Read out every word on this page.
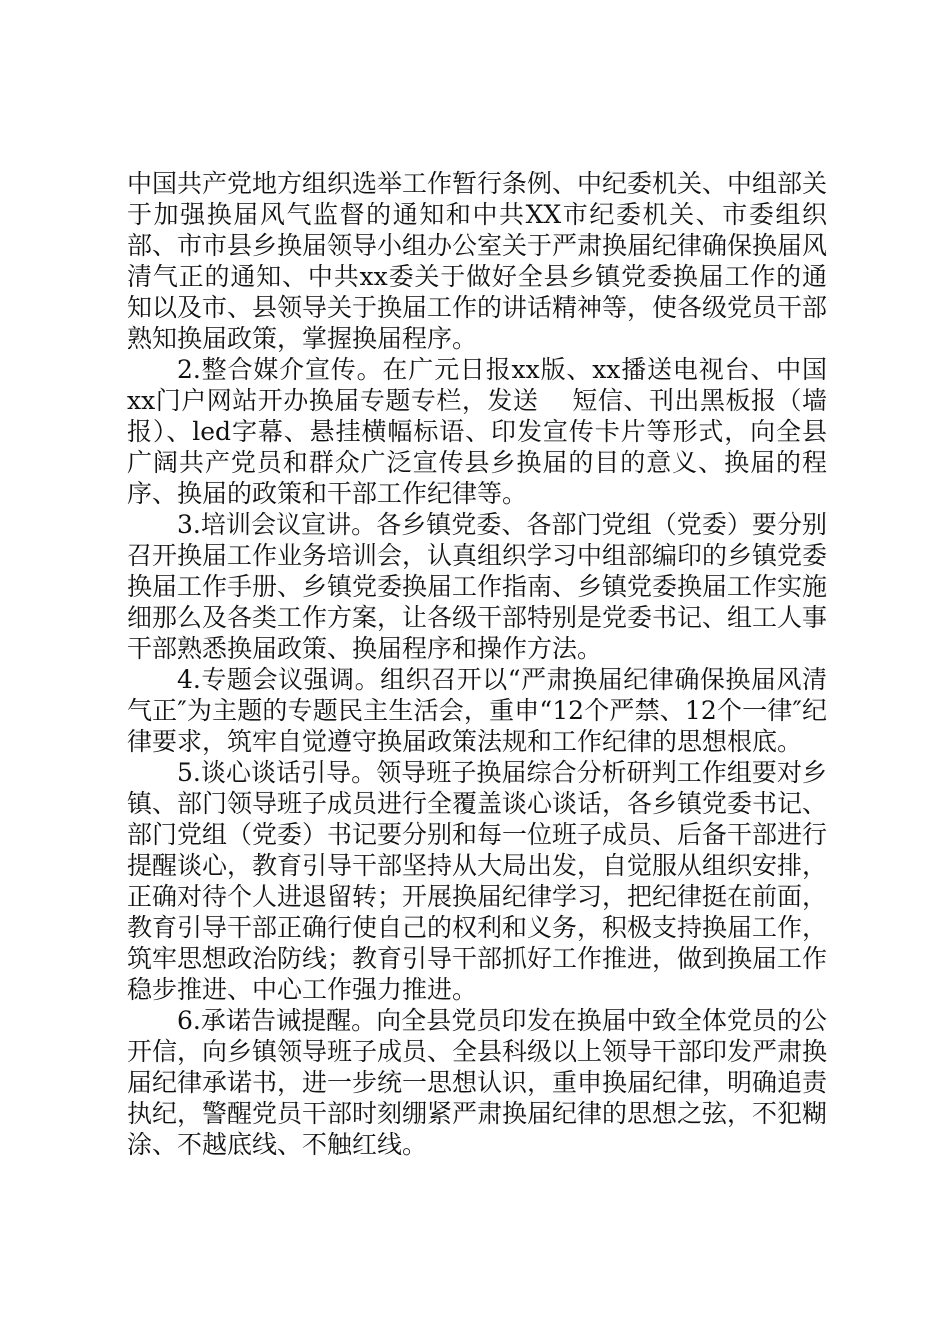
中国共产党地方组织选举工作暂行条例、中纪委机关、中组部关于加强换届风气监督的通知和中共XX市纪委机关、市委组织部、市市县乡换届领导小组办公室关于严肃换届纪律确保换届风清气正的通知、中共xx委关于做好全县乡镇党委换届工作的通知以及市、县领导关于换届工作的讲话精神等，使各级党员干部熟知换届政策，掌握换届程序。

2.整合媒介宣传。在广元日报xx版、xx播送电视台、中国xx门户网站开办换届专题专栏，发送　 短信、刊出黑板报（墙报）、led字幕、悬挂横幅标语、印发宣传卡片等形式，向全县广阔共产党员和群众广泛宣传县乡换届的目的意义、换届的程序、换届的政策和干部工作纪律等。

3.培训会议宣讲。各乡镇党委、各部门党组（党委）要分别召开换届工作业务培训会，认真组织学习中组部编印的乡镇党委换届工作手册、乡镇党委换届工作指南、乡镇党委换届工作实施细那么及各类工作方案，让各级干部特别是党委书记、组工人事干部熟悉换届政策、换届程序和操作方法。

4.专题会议强调。组织召开以“严肃换届纪律确保换届风清气正″为主题的专题民主生活会，重申“12个严禁、12个一律″纪律要求，筑牢自觉遵守换届政策法规和工作纪律的思想根底。

5.谈心谈话引导。领导班子换届综合分析研判工作组要对乡镇、部门领导班子成员进行全覆盖谈心谈话，各乡镇党委书记、部门党组（党委）书记要分别和每一位班子成员、后备干部进行提醒谈心，教育引导干部坚持从大局出发，自觉服从组织安排，正确对待个人进退留转；开展换届纪律学习，把纪律挺在前面，教育引导干部正确行使自己的权利和义务，积极支持换届工作，筑牢思想政治防线；教育引导干部抓好工作推进，做到换届工作稳步推进、中心工作强力推进。

6.承诺告诫提醒。向全县党员印发在换届中致全体党员的公开信，向乡镇领导班子成员、全县科级以上领导干部印发严肃换届纪律承诺书，进一步统一思想认识，重申换届纪律，明确追责执纪，警醒党员干部时刻绷紧严肃换届纪律的思想之弦，不犯糊涂、不越底线、不触红线。
